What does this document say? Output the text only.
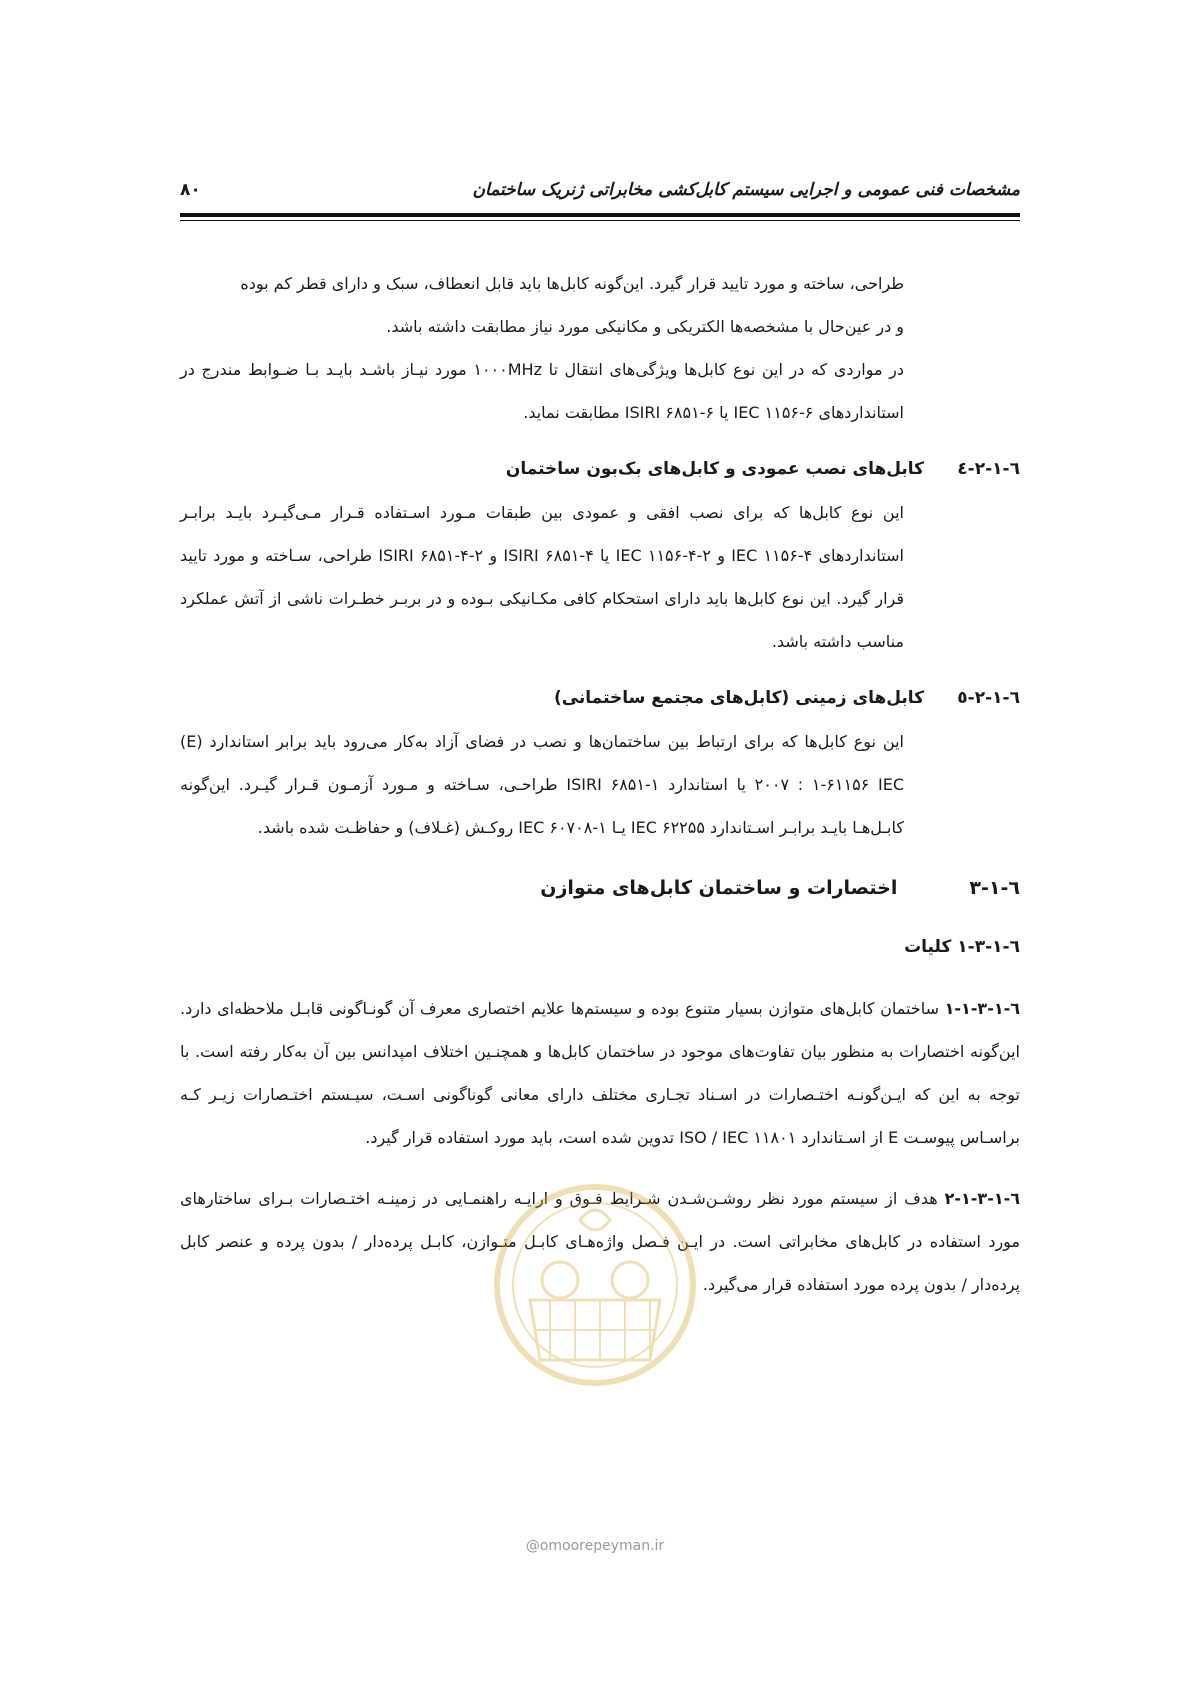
مشخصات فنی عمومی و اجرایی سیستم کابل‌کشی مخابراتی ژنریک ساختمان
۸۰

طراحی، ساخته و مورد تایید قرار گیرد. این‌گونه کابل‌ها باید قابل انعطاف، سبک و دارای قطر کم بوده
و در عین‌حال با مشخصه‌ها الکتریکی و مکانیکی مورد نیاز مطابقت داشته باشد.

در مواردی که در این نوع کابل‌ها ویژگی‌های انتقال تا ۱۰۰۰MHz مورد نیـاز باشـد بایـد بـا ضـوابط مندرج در استانداردهای ۶-۱۱۵۶ IEC یا ۶-۶۸۵۱ ISIRI مطابقت نماید.

٦-١-٢-٤ کابل‌های نصب عمودی و کابل‌های بک‌بون ساختمان

این نوع کابل‌ها که برای نصب افقی و عمودی بین طبقات مـورد اسـتفاده قـرار مـی‌گیـرد بایـد برابـر استانداردهای ۴-۱۱۵۶ IEC و ۲-۴-۱۱۵۶ IEC یا ۴-۶۸۵۱ ISIRI و ۲-۴-۶۸۵۱ ISIRI طراحی، سـاخته و مورد تایید قرار گیرد. این نوع کابل‌ها باید دارای استحکام کافی مکـانیکی بـوده و در بربـر خطـرات ناشی از آتش عملکرد مناسب داشته باشد.

٦-١-٢-٥ کابل‌های زمینی (کابل‌های مجتمع ساختمانی)

این نوع کابل‌ها که برای ارتباط بین ساختمان‌ها و نصب در فضای آزاد به‌کار می‌رود باید برابر استاندارد (E) ۲۰۰۷ : ۱-۶۱۱۵۶ IEC یا استاندارد ۱-۶۸۵۱ ISIRI طراحـی، سـاخته و مـورد آزمـون قـرار گیـرد. این‌گونه کابـل‌هـا بایـد برابـر اسـتاندارد ۶۲۲۵۵ IEC یـا ۱-۶۰۷۰۸ IEC روکـش (غـلاف) و حفاظـت شده باشد.

٦-١-٣ اختصارات و ساختمان کابل‌های متوازن
٦-١-٣-١ کلیات

٦-١-٣-١-١ ساختمان کابل‌های متوازن بسیار متنوع بوده و سیستم‌ها علایم اختصاری معرف آن گونـاگونی قابـل ملاحظه‌ای دارد. این‌گونه اختصارات به منظور بیان تفاوت‌های موجود در ساختمان کابل‌ها و همچنـین اختلاف امپدانس بین آن به‌کار رفته است. با توجه به این که ایـن‌گونـه اختـصارات در اسـناد تجـاری مختلف دارای معانی گوناگونی اسـت، سیـستم اختـصارات زیـر کـه براسـاس پیوسـت E از اسـتاندارد ISO / IEC ۱۱۸۰۱ تدوین شده است، باید مورد استفاده قرار گیرد.

٦-١-٣-١-٢ هدف از سیستم مورد نظر روشـن‌شـدن شـرایط فـوق و ارایـه راهنمـایی در زمینـه اختـصارات بـرای ساختارهای مورد استفاده در کابل‌های مخابراتی است. در ایـن فـصل واژه‌هـای کابـل متـوازن، کابـل پرده‌دار / بدون پرده و عنصر کابل پرده‌دار / بدون پرده مورد استفاده قرار می‌گیرد.

@omoorepeyman.ir
